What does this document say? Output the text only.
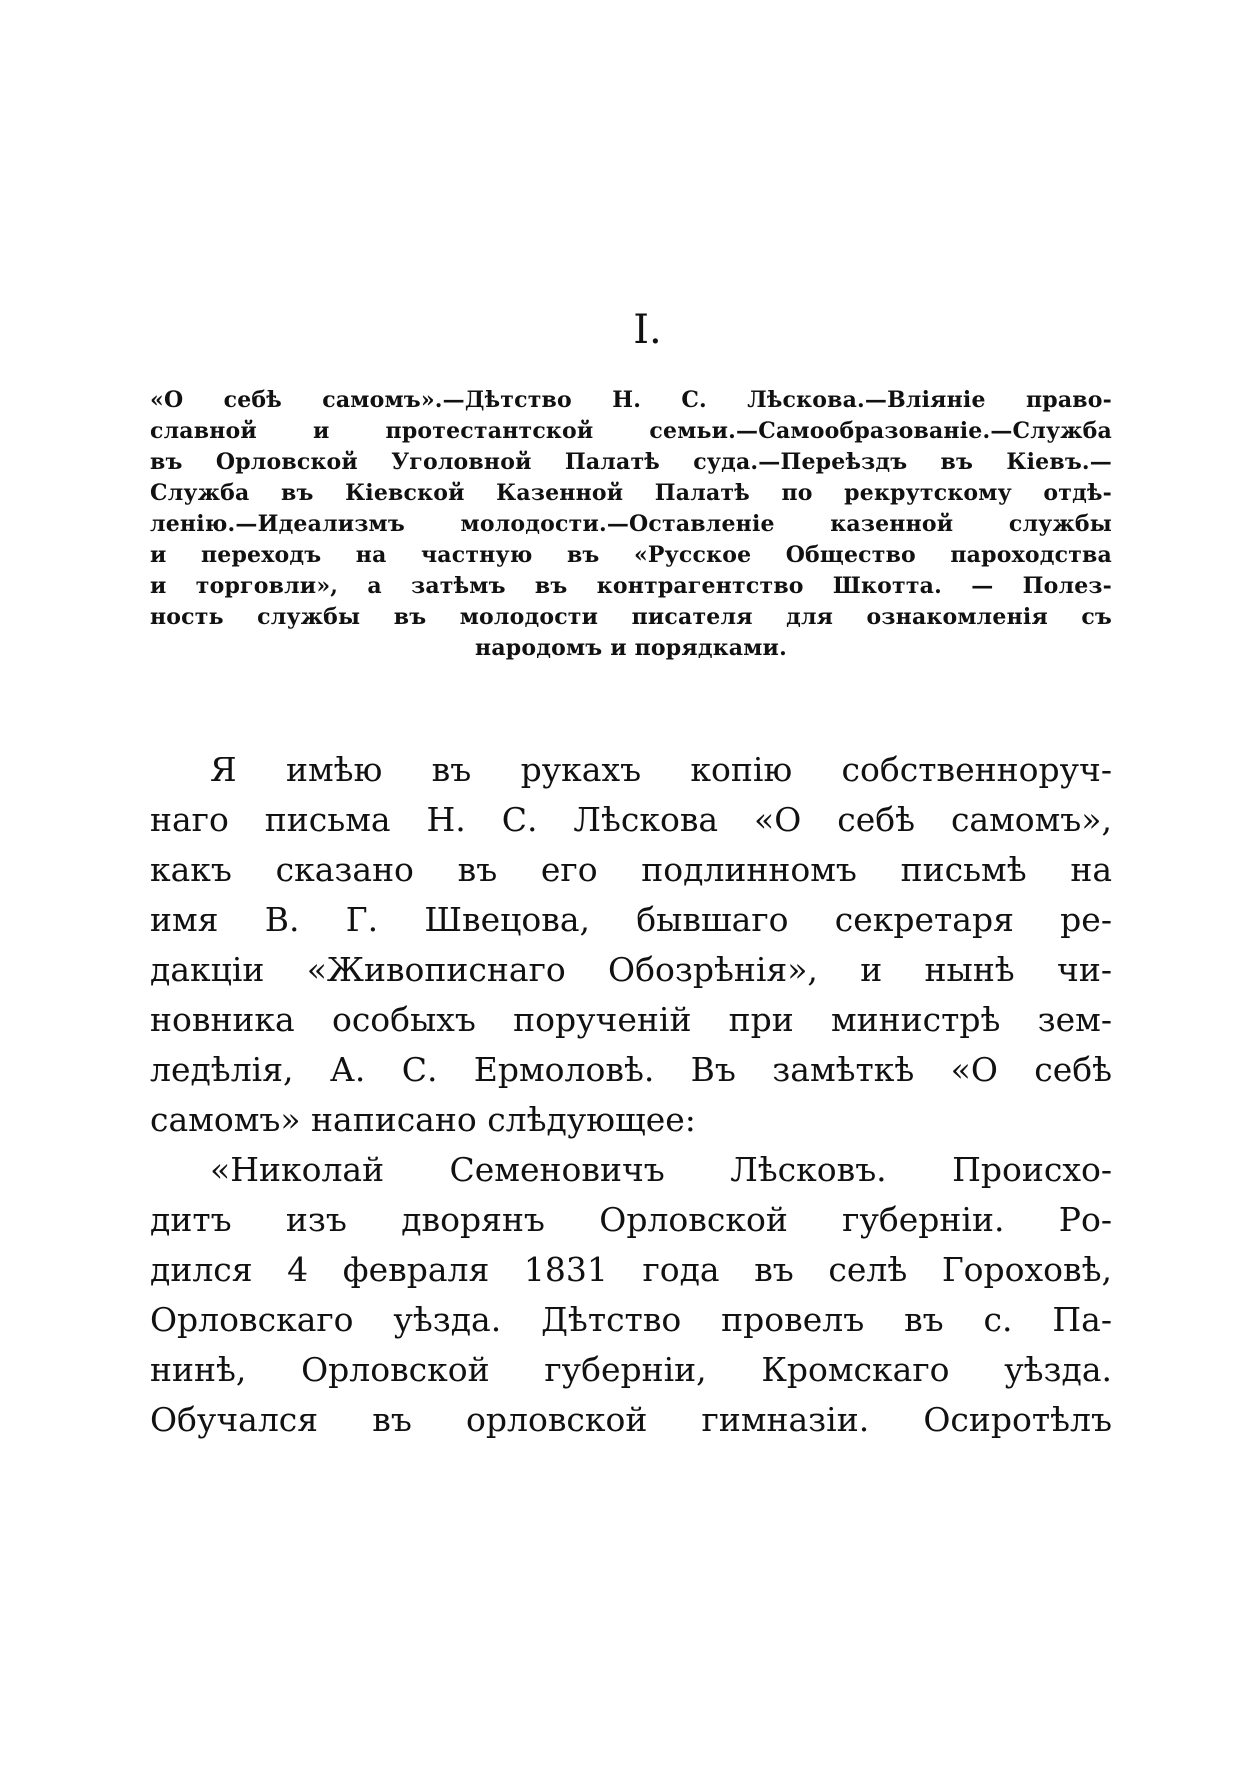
I.
«О себѣ самомъ».—Дѣтство Н. С. Лѣскова.—Вліяніе право-
славной и протестантской семьи.—Самообразованіе.—Служба
въ Орловской Уголовной Палатѣ суда.—Переѣздъ въ Кіевъ.—
Служба въ Кіевской Казенной Палатѣ по рекрутскому отдѣ-
ленію.—Идеализмъ молодости.—Оставленіе казенной службы
и переходъ на частную въ «Русское Общество пароходства
и торговли», а затѣмъ въ контрагентство Шкотта. — Полез-
ность службы въ молодости писателя для ознакомленія съ
народомъ и порядками.
Я имѣю въ рукахъ копію собственноруч-
наго письма Н. С. Лѣскова «О себѣ самомъ»,
какъ сказано въ его подлинномъ письмѣ на
имя В. Г. Швецова, бывшаго секретаря ре-
дакціи «Живописнаго Обозрѣнія», и нынѣ чи-
новника особыхъ порученій при министрѣ зем-
ледѣлія, А. С. Ермоловѣ. Въ замѣткѣ «О себѣ
самомъ» написано слѣдующее:
«Николай Семеновичъ Лѣсковъ. Происхо-
дитъ изъ дворянъ Орловской губерніи. Ро-
дился 4 февраля 1831 года въ селѣ Гороховѣ,
Орловскаго уѣзда. Дѣтство провелъ въ с. Па-
нинѣ, Орловской губерніи, Кромскаго уѣзда.
Обучался въ орловской гимназіи. Осиротѣлъ
